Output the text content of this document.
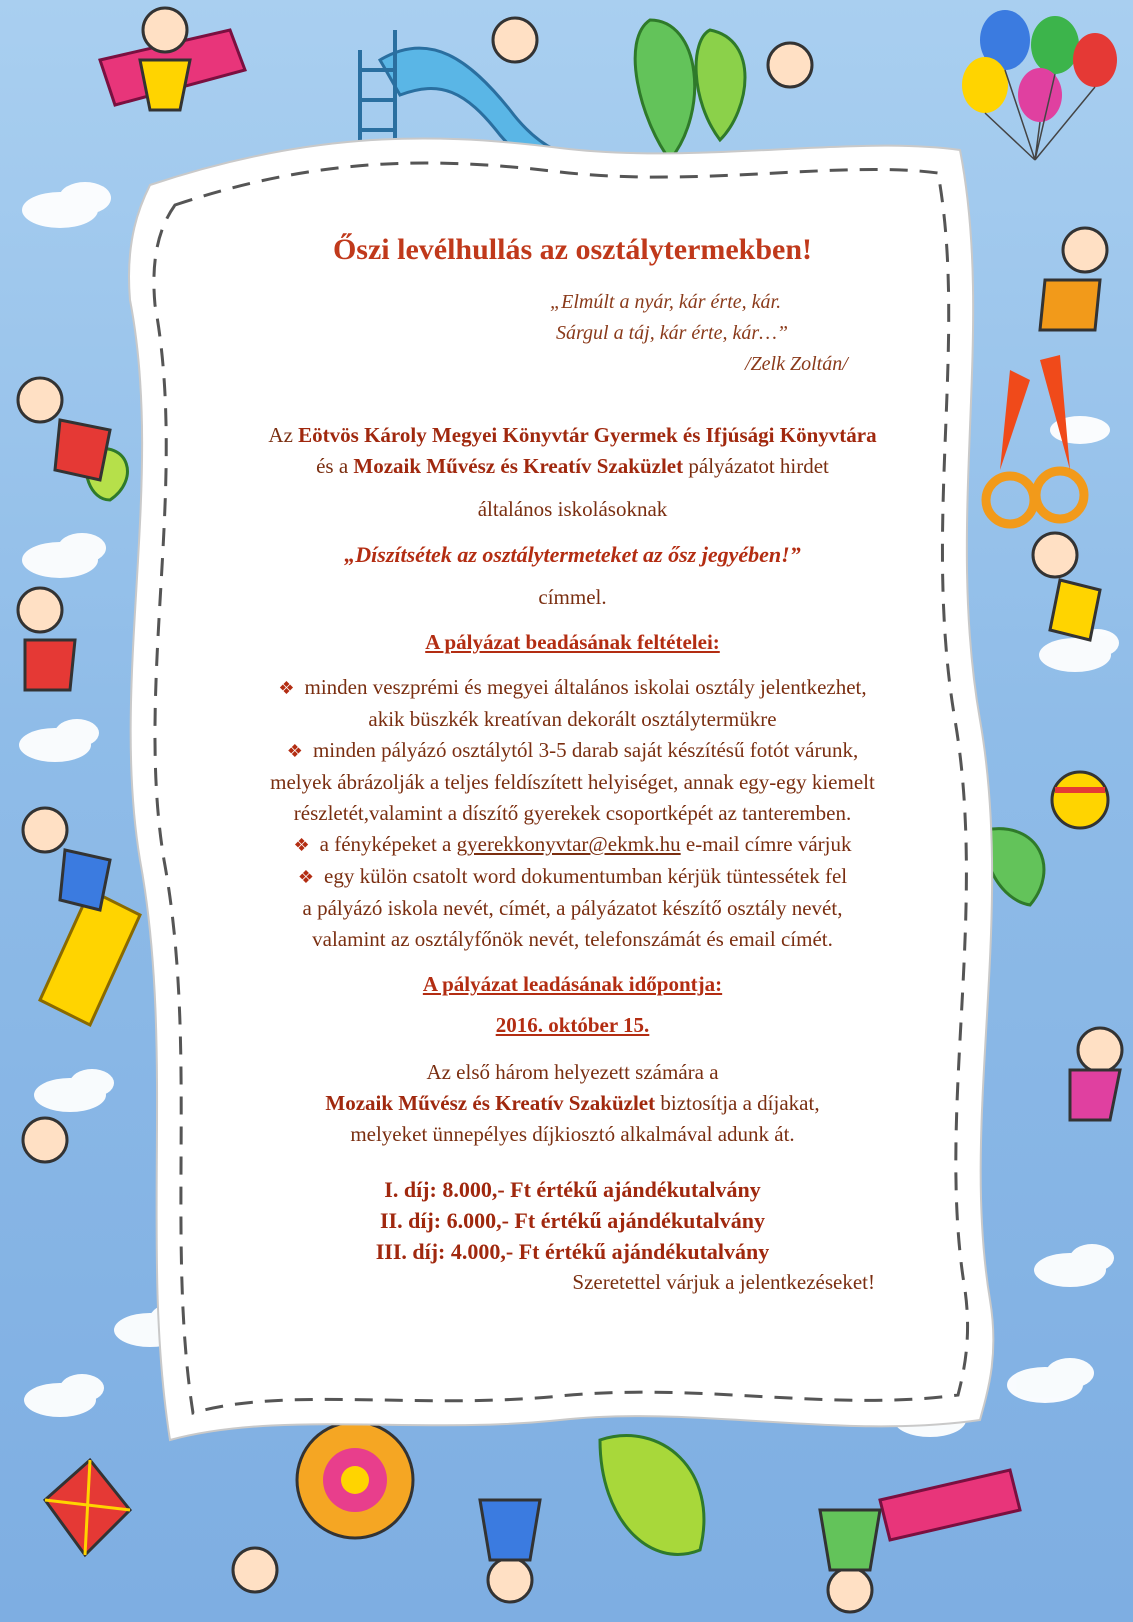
Őszi levélhullás az osztálytermekben!
„Elmúlt a nyár, kár érte, kár.
Sárgul a táj, kár érte, kár…”
/Zelk Zoltán/
Az Eötvös Károly Megyei Könyvtár Gyermek és Ifjúsági Könyvtára
és a Mozaik Művész és Kreatív Szaküzlet pályázatot hirdet
általános iskolásoknak
„Díszítsétek az osztálytermeteket az ősz jegyében!”
címmel.
A pályázat beadásának feltételei:
❖ minden veszprémi és megyei általános iskolai osztály jelentkezhet,
akik büszkék kreatívan dekorált osztálytermükre
❖ minden pályázó osztálytól 3-5 darab saját készítésű fotót várunk,
melyek ábrázolják a teljes feldíszített helyiséget, annak egy-egy kiemelt
részletét,valamint a díszítő gyerekek csoportképét az tanteremben.
❖ a fényképeket a gyerekkonyvtar@ekmk.hu e-mail címre várjuk
❖ egy külön csatolt word dokumentumban kérjük tüntessétek fel
a pályázó iskola nevét, címét, a pályázatot készítő osztály nevét,
valamint az osztályfőnök nevét, telefonszámát és email címét.
A pályázat leadásának időpontja:
2016. október 15.
Az első három helyezett számára a
Mozaik Művész és Kreatív Szaküzlet biztosítja a díjakat,
melyeket ünnepélyes díjkiosztó alkalmával adunk át.
I. díj: 8.000,- Ft értékű ajándékutalvány
II. díj: 6.000,- Ft értékű ajándékutalvány
III. díj: 4.000,- Ft értékű ajándékutalvány
Szeretettel várjuk a jelentkezéseket!
